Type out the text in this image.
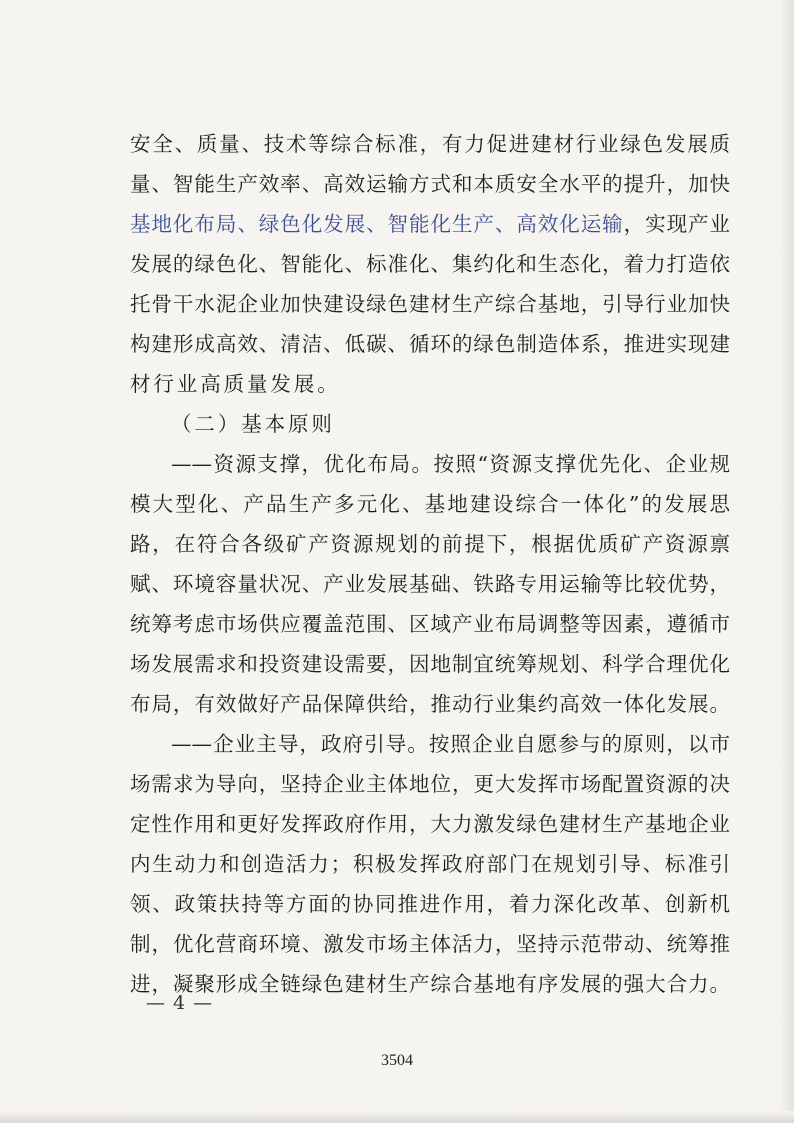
安全、质量、技术等综合标准，有力促进建材行业绿色发展质
量、智能生产效率、高效运输方式和本质安全水平的提升，加快
基地化布局、绿色化发展、智能化生产、高效化运输，实现产业
发展的绿色化、智能化、标准化、集约化和生态化，着力打造依
托骨干水泥企业加快建设绿色建材生产综合基地，引导行业加快
构建形成高效、清洁、低碳、循环的绿色制造体系，推进实现建
材行业高质量发展。
（二）基本原则
——资源支撑，优化布局。按照“资源支撑优先化、企业规
模大型化、产品生产多元化、基地建设综合一体化”的发展思
路，在符合各级矿产资源规划的前提下，根据优质矿产资源禀
赋、环境容量状况、产业发展基础、铁路专用运输等比较优势，
统筹考虑市场供应覆盖范围、区域产业布局调整等因素，遵循市
场发展需求和投资建设需要，因地制宜统筹规划、科学合理优化
布局，有效做好产品保障供给，推动行业集约高效一体化发展。
——企业主导，政府引导。按照企业自愿参与的原则，以市
场需求为导向，坚持企业主体地位，更大发挥市场配置资源的决
定性作用和更好发挥政府作用，大力激发绿色建材生产基地企业
内生动力和创造活力；积极发挥政府部门在规划引导、标准引
领、政策扶持等方面的协同推进作用，着力深化改革、创新机
制，优化营商环境、激发市场主体活力，坚持示范带动、统筹推
进，凝聚形成全链绿色建材生产综合基地有序发展的强大合力。
— 4 —
3504
